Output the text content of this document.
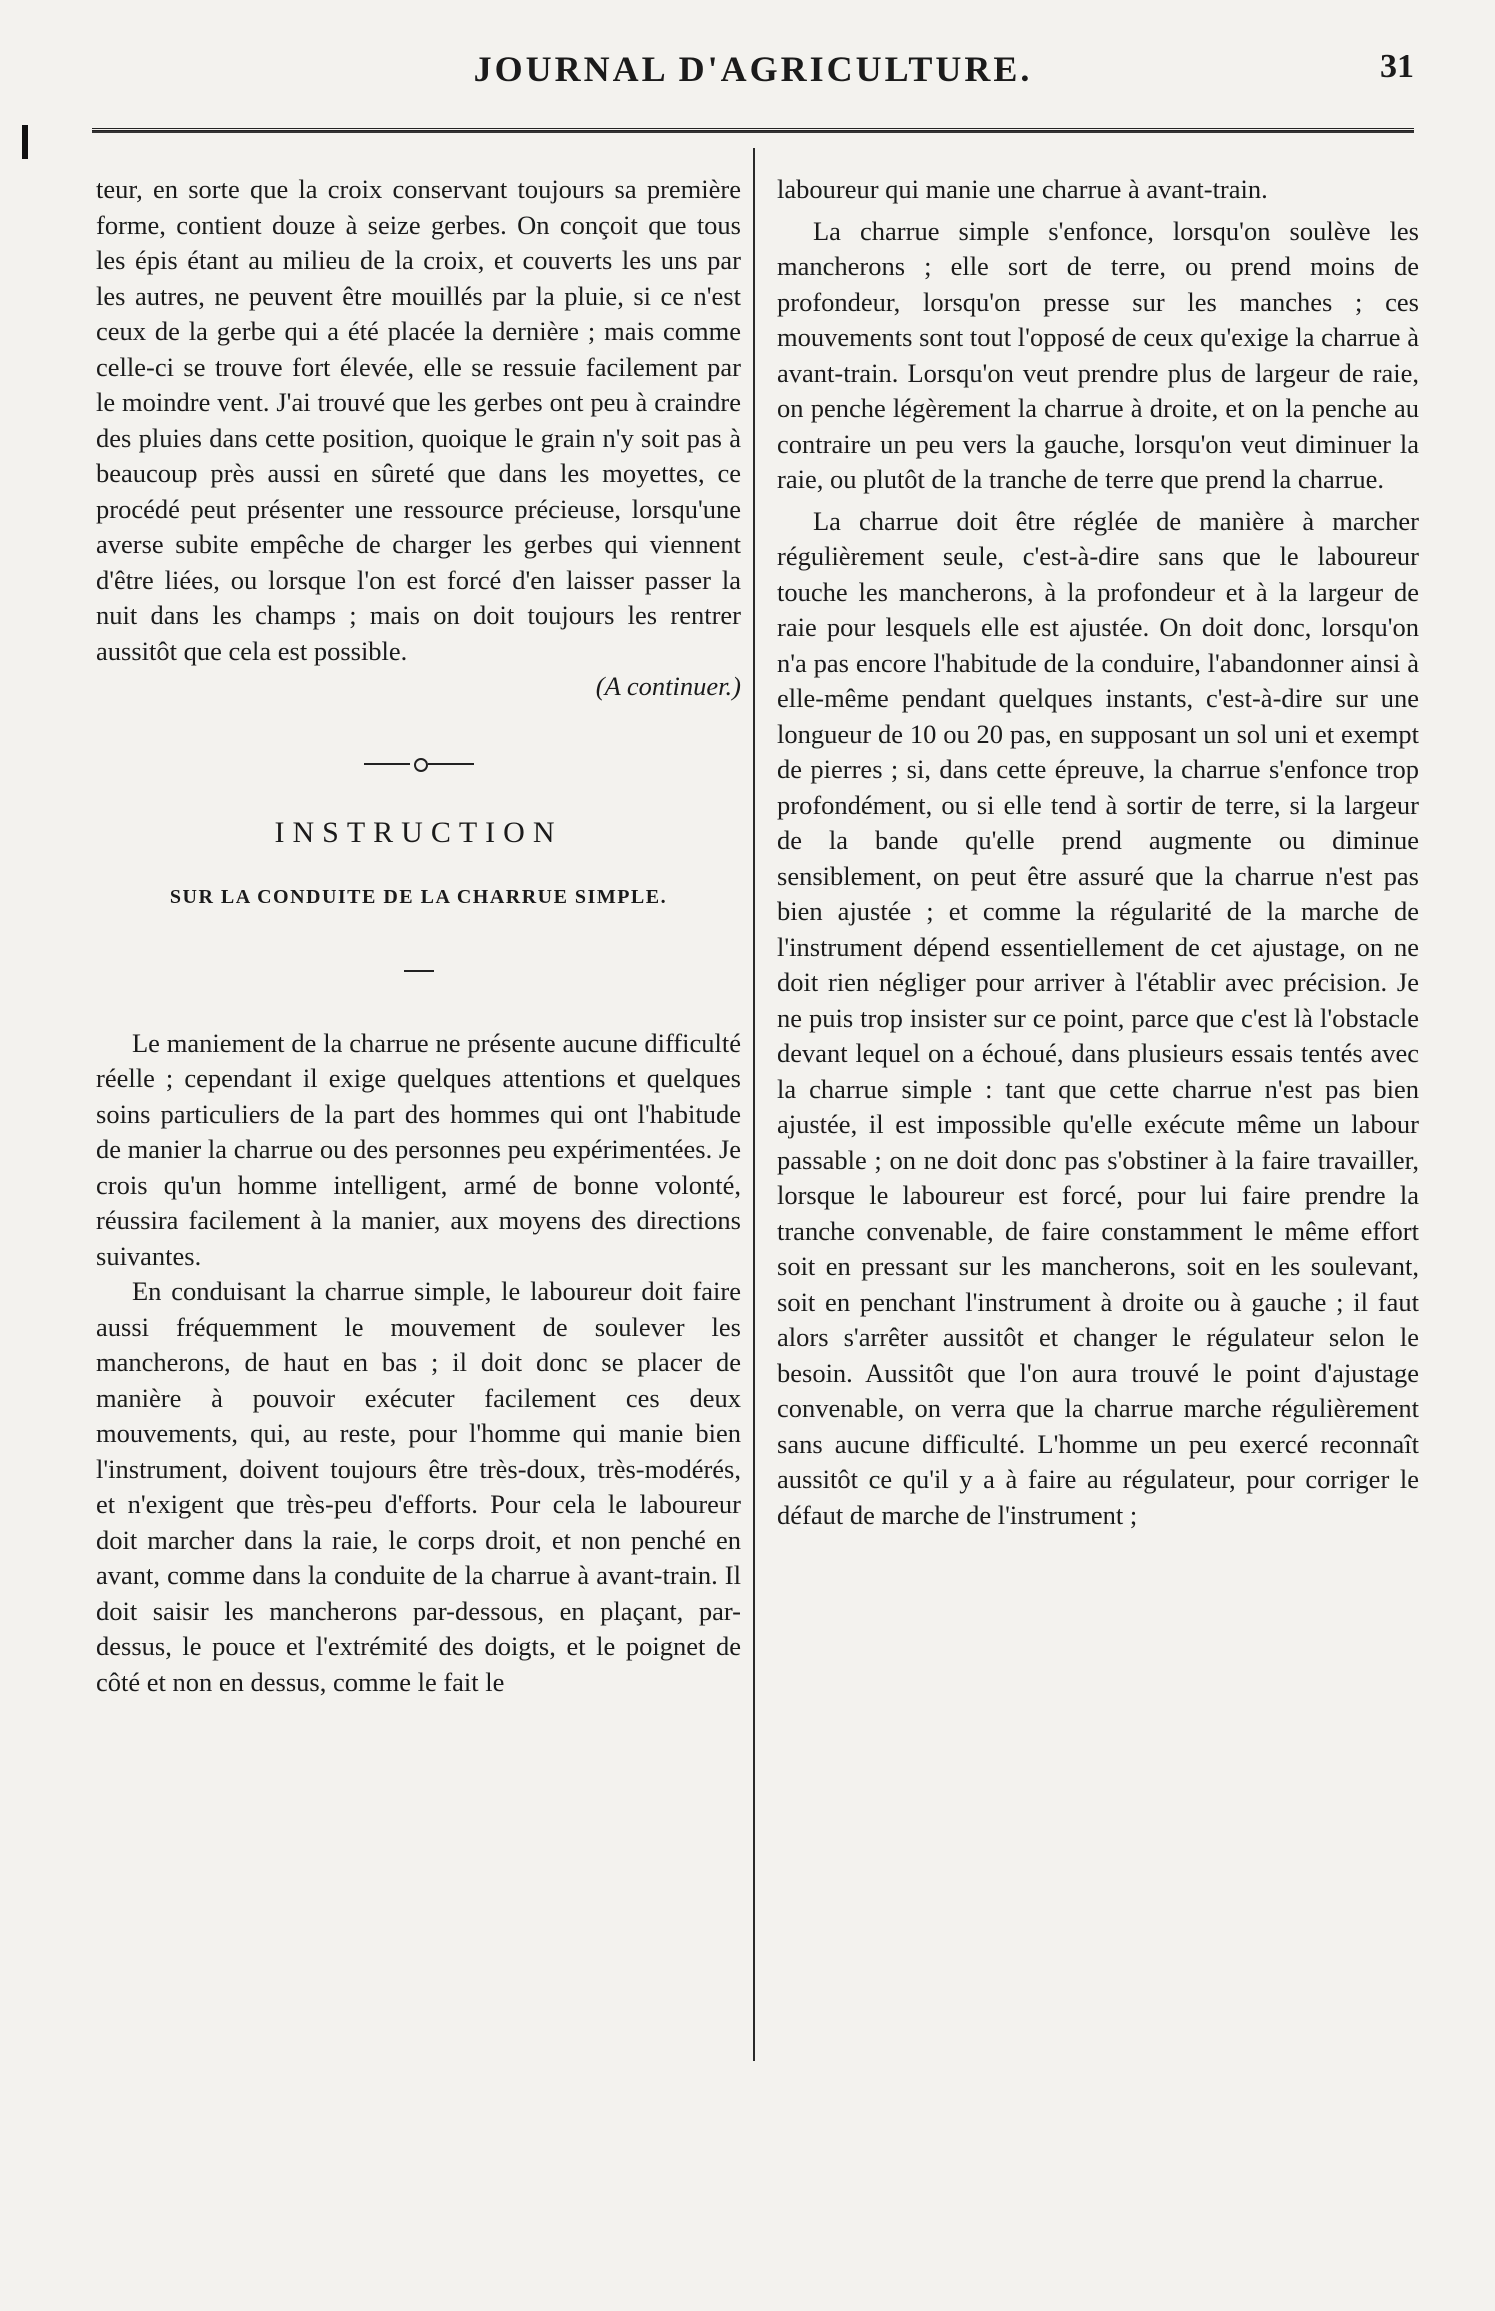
JOURNAL D'AGRICULTURE.	31

teur, en sorte que la croix conservant toujours sa première forme, contient douze à seize gerbes. On conçoit que tous les épis étant au milieu de la croix, et couverts les uns par les autres, ne peuvent être mouillés par la pluie, si ce n'est ceux de la gerbe qui a été placée la dernière ; mais comme celle-ci se trouve fort élevée, elle se ressuie facilement par le moindre vent. J'ai trouvé que les gerbes ont peu à craindre des pluies dans cette position, quoique le grain n'y soit pas à beaucoup près aussi en sûreté que dans les moyettes, ce procédé peut présenter une ressource précieuse, lorsqu'une averse subite empêche de charger les gerbes qui viennent d'être liées, ou lorsque l'on est forcé d'en laisser passer la nuit dans les champs ; mais on doit toujours les rentrer aussitôt que cela est possible.

(A continuer.)

INSTRUCTION
SUR LA CONDUITE DE LA CHARRUE SIMPLE.

Le maniement de la charrue ne présente aucune difficulté réelle ; cependant il exige quelques attentions et quelques soins particuliers de la part des hommes qui ont l'habitude de manier la charrue ou des personnes peu expérimentées. Je crois qu'un homme intelligent, armé de bonne volonté, réussira facilement à la manier, aux moyens des directions suivantes.

En conduisant la charrue simple, le laboureur doit faire aussi fréquemment le mouvement de soulever les mancherons, de haut en bas ; il doit donc se placer de manière à pouvoir exécuter facilement ces deux mouvements, qui, au reste, pour l'homme qui manie bien l'instrument, doivent toujours être très-doux, très-modérés, et n'exigent que très-peu d'efforts. Pour cela le laboureur doit marcher dans la raie, le corps droit, et non penché en avant, comme dans la conduite de la charrue à avant-train. Il doit saisir les mancherons par-dessous, en plaçant, par-dessus, le pouce et l'extrémité des doigts, et le poignet de côté et non en dessus, comme le fait le

laboureur qui manie une charrue à avant-train.

La charrue simple s'enfonce, lorsqu'on soulève les mancherons ; elle sort de terre, ou prend moins de profondeur, lorsqu'on presse sur les manches ; ces mouvements sont tout l'opposé de ceux qu'exige la charrue à avant-train. Lorsqu'on veut prendre plus de largeur de raie, on penche légèrement la charrue à droite, et on la penche au contraire un peu vers la gauche, lorsqu'on veut diminuer la raie, ou plutôt de la tranche de terre que prend la charrue.

La charrue doit être réglée de manière à marcher régulièrement seule, c'est-à-dire sans que le laboureur touche les mancherons, à la profondeur et à la largeur de raie pour lesquels elle est ajustée. On doit donc, lorsqu'on n'a pas encore l'habitude de la conduire, l'abandonner ainsi à elle-même pendant quelques instants, c'est-à-dire sur une longueur de 10 ou 20 pas, en supposant un sol uni et exempt de pierres ; si, dans cette épreuve, la charrue s'enfonce trop profondément, ou si elle tend à sortir de terre, si la largeur de la bande qu'elle prend augmente ou diminue sensiblement, on peut être assuré que la charrue n'est pas bien ajustée ; et comme la régularité de la marche de l'instrument dépend essentiellement de cet ajustage, on ne doit rien négliger pour arriver à l'établir avec précision. Je ne puis trop insister sur ce point, parce que c'est là l'obstacle devant lequel on a échoué, dans plusieurs essais tentés avec la charrue simple : tant que cette charrue n'est pas bien ajustée, il est impossible qu'elle exécute même un labour passable ; on ne doit donc pas s'obstiner à la faire travailler, lorsque le laboureur est forcé, pour lui faire prendre la tranche convenable, de faire constamment le même effort soit en pressant sur les mancherons, soit en les soulevant, soit en penchant l'instrument à droite ou à gauche ; il faut alors s'arrêter aussitôt et changer le régulateur selon le besoin. Aussitôt que l'on aura trouvé le point d'ajustage convenable, on verra que la charrue marche régulièrement sans aucune difficulté. L'homme un peu exercé reconnaît aussitôt ce qu'il y a à faire au régulateur, pour corriger le défaut de marche de l'instrument ;
